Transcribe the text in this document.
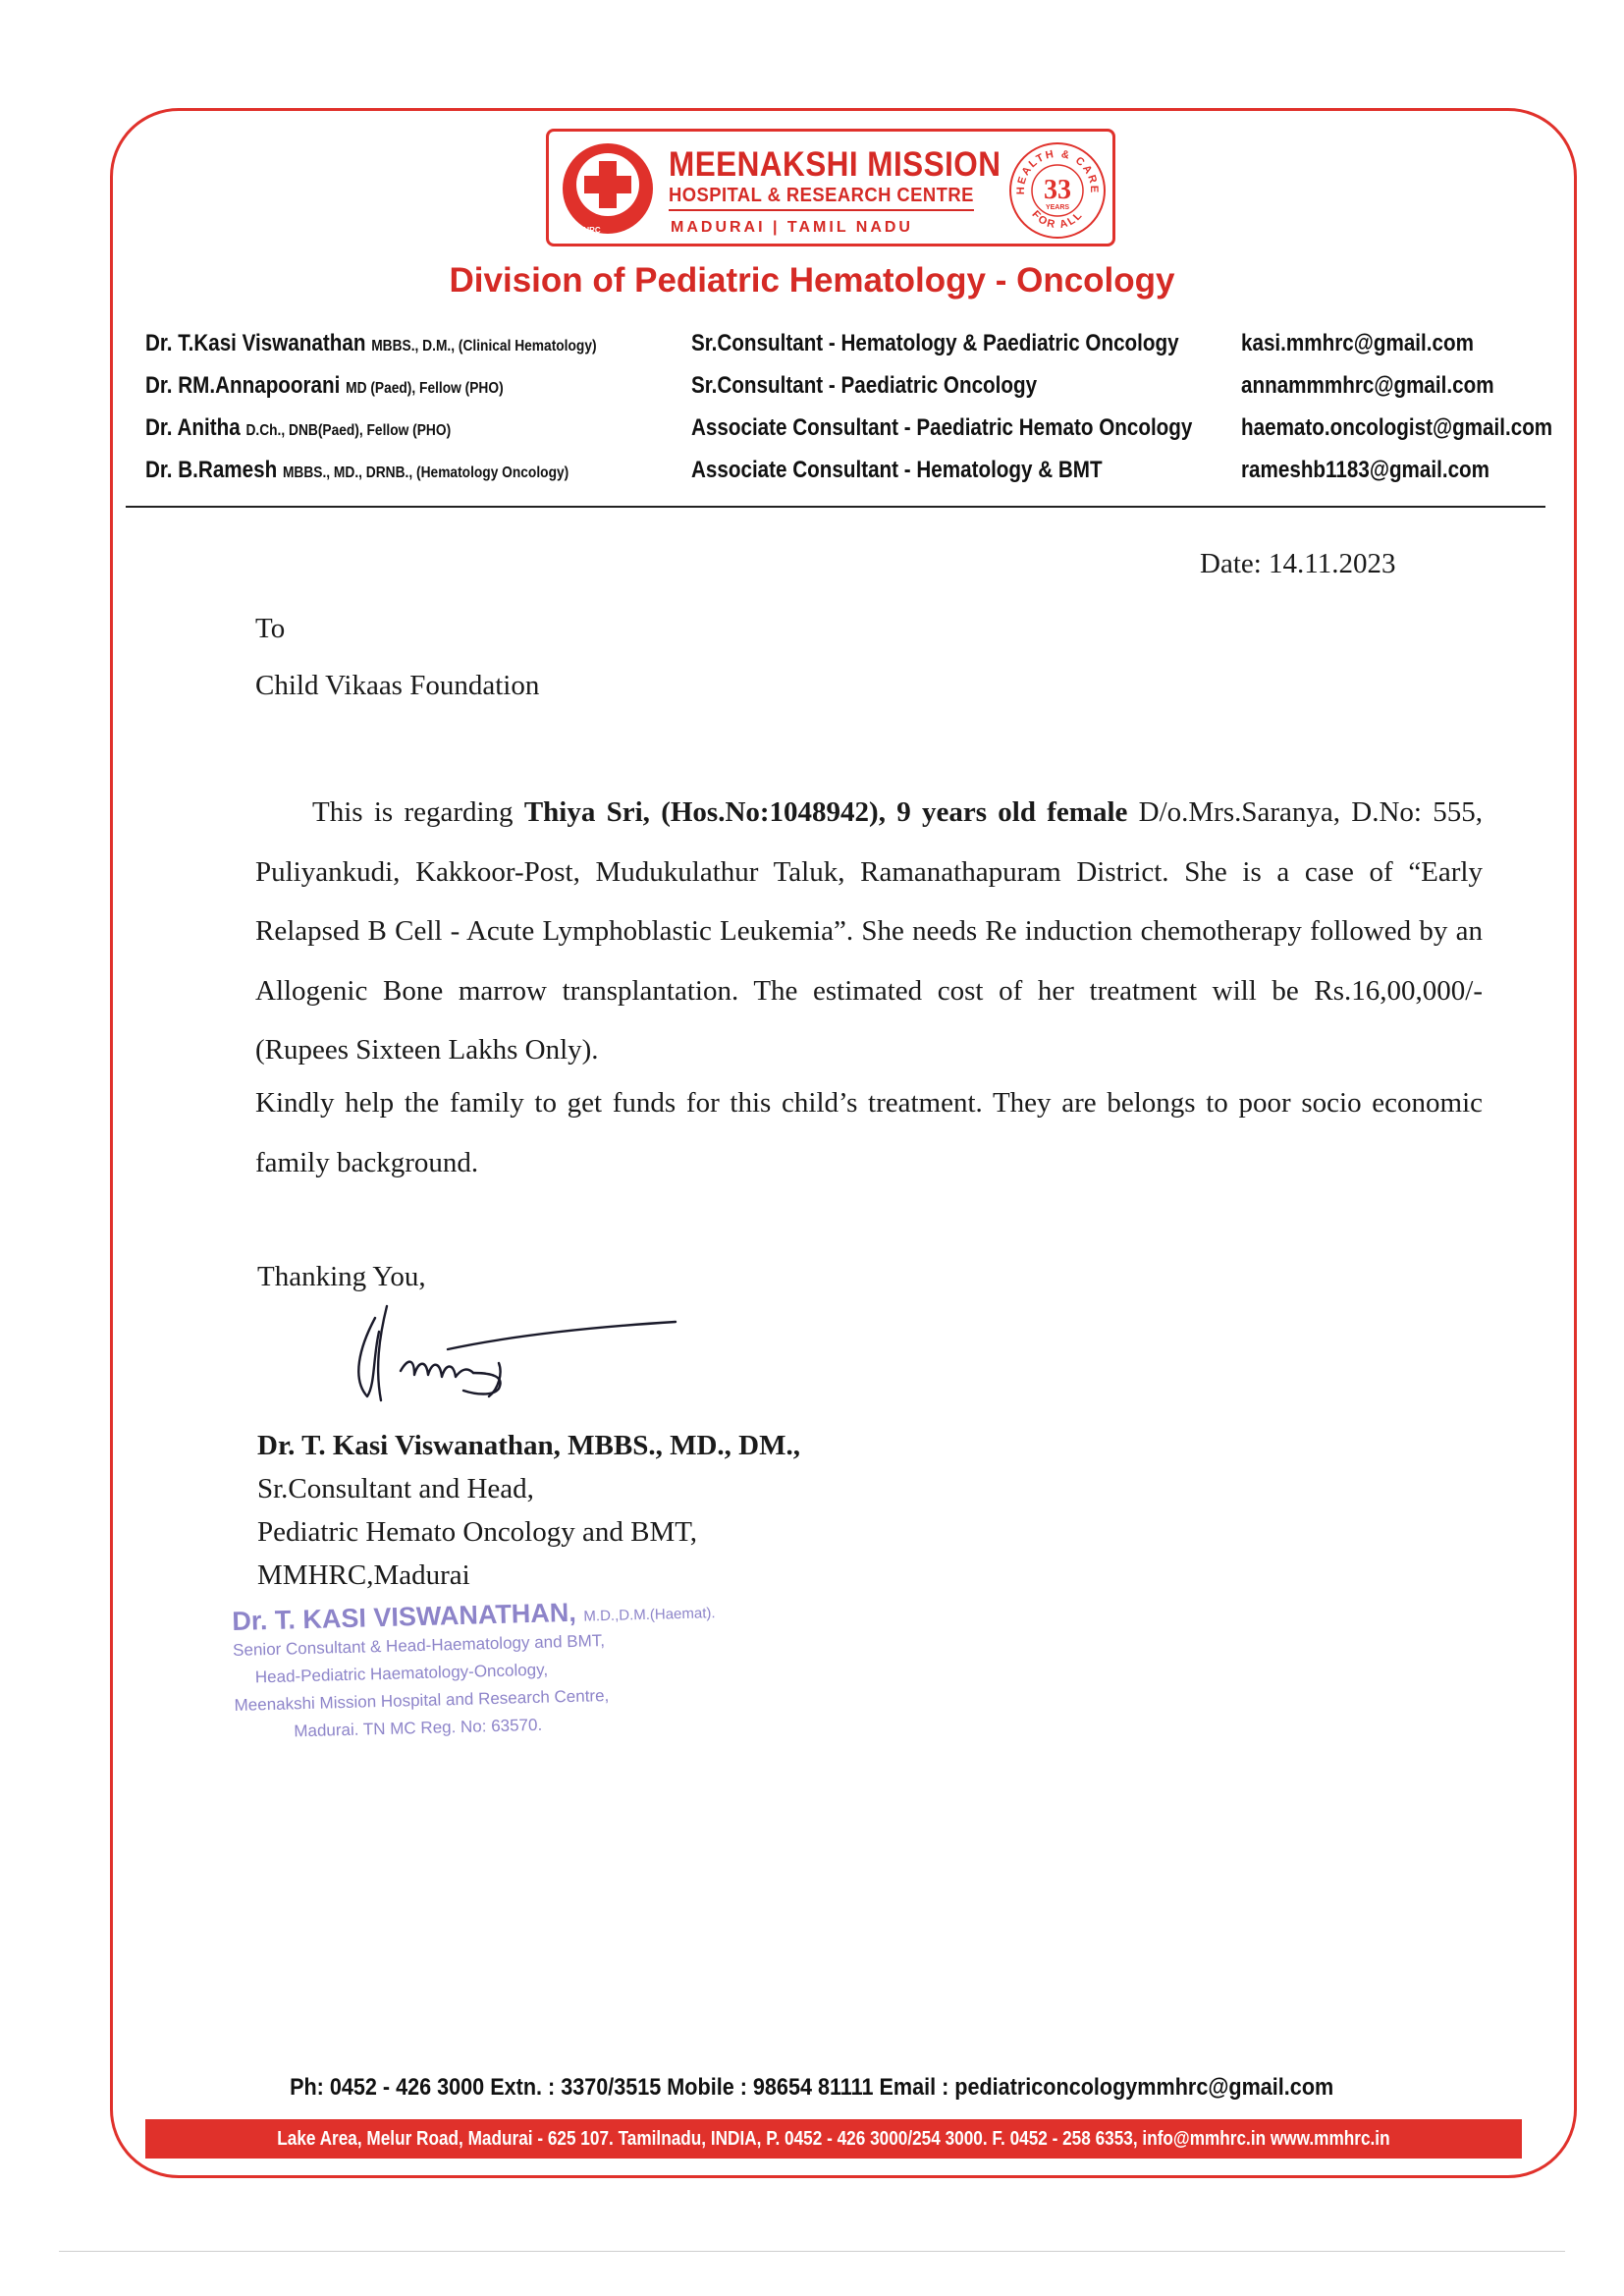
MMHRC

MEENAKSHI MISSION

HOSPITAL & RESEARCH CENTRE

MADURAI | TAMIL NADU

HEALTH & CARE
FOR ALL
33
YEARS
Division of Pediatric Hematology - Oncology
Dr. T.Kasi Viswanathan MBBS., D.M., (Clinical Hematology)	Sr.Consultant - Hematology & Paediatric Oncology	kasi.mmhrc@gmail.com
Dr. RM.Annapoorani MD (Paed), Fellow (PHO)	Sr.Consultant - Paediatric Oncology	annammmhrc@gmail.com
Dr. Anitha D.Ch., DNB(Paed), Fellow (PHO)	Associate Consultant - Paediatric Hemato Oncology haemato.oncologist@gmail.com
Dr. B.Ramesh MBBS., MD., DRNB., (Hematology Oncology)	Associate Consultant - Hematology & BMT	rameshb1183@gmail.com

Date: 14.11.2023

To

Child Vikaas Foundation

This is regarding Thiya Sri, (Hos.No:1048942), 9 years old female D/o.Mrs.Saranya, D.No: 555, Puliyankudi, Kakkoor-Post, Mudukulathur Taluk, Ramanathapuram District. She is a case of “Early Relapsed B Cell - Acute Lymphoblastic Leukemia”. She needs Re induction chemotherapy followed by an Allogenic Bone marrow transplantation. The estimated cost of her treatment will be Rs.16,00,000/- (Rupees Sixteen Lakhs Only).

Kindly help the family to get funds for this child’s treatment. They are belongs to poor socio economic family background.

Thanking You,

Dr. T. Kasi Viswanathan, MBBS., MD., DM.,
Sr.Consultant and Head,
Pediatric Hemato Oncology and BMT,
MMHRC,Madurai

Dr. T. KASI VISWANATHAN, M.D.,D.M.(Haemat).
Senior Consultant & Head-Haematology and BMT,
Head-Pediatric Haematology-Oncology,
Meenakshi Mission Hospital and Research Centre,
Madurai. TN MC Reg. No: 63570.

Ph: 0452 - 426 3000 Extn. : 3370/3515 Mobile : 98654 81111 Email : pediatriconcologymmhrc@gmail.com

Lake Area, Melur Road, Madurai - 625 107. Tamilnadu, INDIA, P. 0452 - 426 3000/254 3000. F. 0452 - 258 6353, info@mmhrc.in www.mmhrc.in
